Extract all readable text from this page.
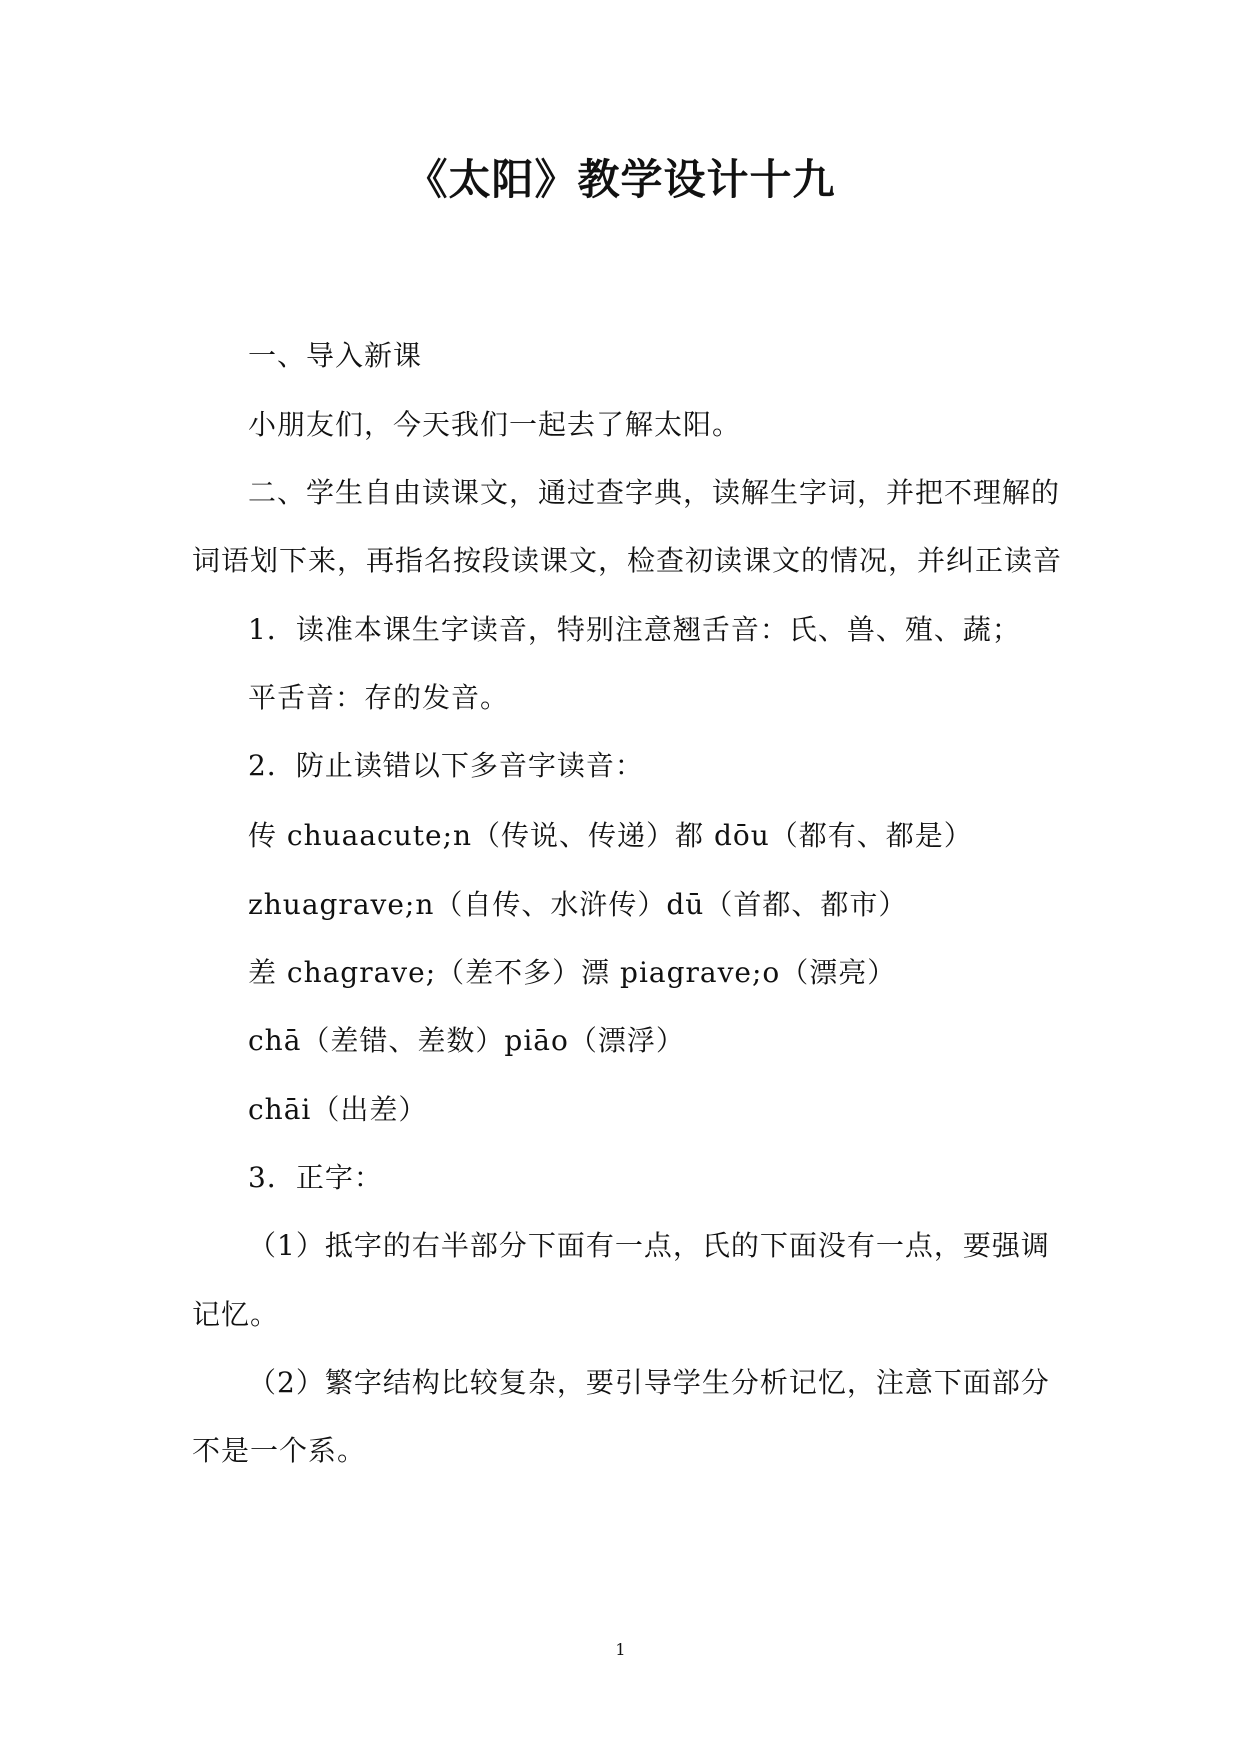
《太阳》教学设计十九
一、导入新课
小朋友们，今天我们一起去了解太阳。
二、学生自由读课文，通过查字典，读解生字词，并把不理解的
词语划下来，再指名按段读课文，检查初读课文的情况，并纠正读音
1．读准本课生字读音，特别注意翘舌音：氏、兽、殖、蔬；
平舌音：存的发音。
2．防止读错以下多音字读音：
传 chuaacute;n（传说、传递）都 dōu（都有、都是）
zhuagrave;n（自传、水浒传）dū（首都、都市）
差 chagrave;（差不多）漂 piagrave;o（漂亮）
chā（差错、差数）piāo（漂浮）
chāi（出差）
3．正字：
（1）抵字的右半部分下面有一点，氏的下面没有一点，要强调
记忆。
（2）繁字结构比较复杂，要引导学生分析记忆，注意下面部分
不是一个系。
1
